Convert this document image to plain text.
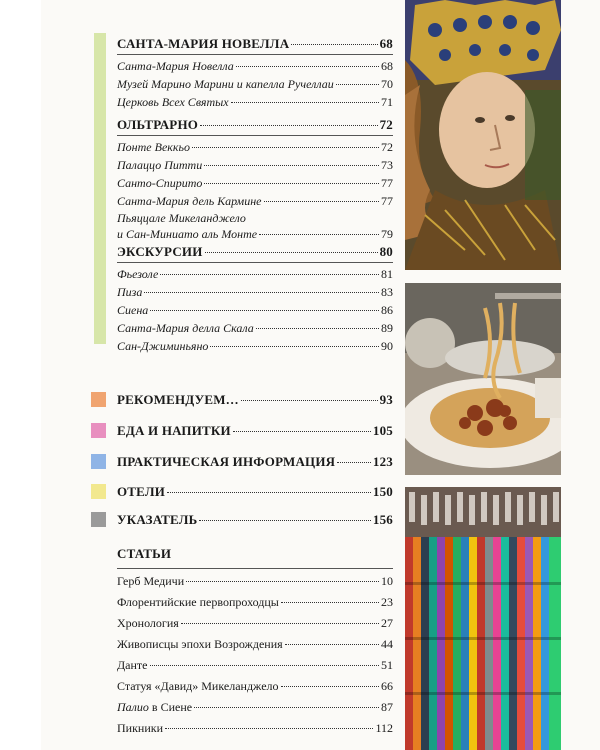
САНТА-МАРИЯ НОВЕЛЛА	68
Санта-Мария Новелла	68
Музей Марино Марини и капелла Ручеллаи	70
Церковь Всех Святых	71
ОЛЬТРАРНО	72
Понте Веккьо	72
Палаццо Питти	73
Санто-Спирито	77
Санта-Мария дель Кармине	77
Пьяццале Микеланджело
и Сан-Миниато аль Монте	79
ЭКСКУРСИИ	80
Фьезоле	81
Пиза	83
Сиена	86
Санта-Мария делла Скала	89
Сан-Джиминьяно	90
РЕКОМЕНДУЕМ…	93
ЕДА И НАПИТКИ	105
ПРАКТИЧЕСКАЯ ИНФОРМАЦИЯ	123
ОТЕЛИ	150
УКАЗАТЕЛЬ	156
СТАТЬИ
Герб Медичи	10
Флорентийские первопроходцы	23
Хронология	27
Живописцы эпохи Возрождения	44
Данте	51
Статуя «Давид» Микеланджело	66
Палио в Сиене	87
Пикники	112
